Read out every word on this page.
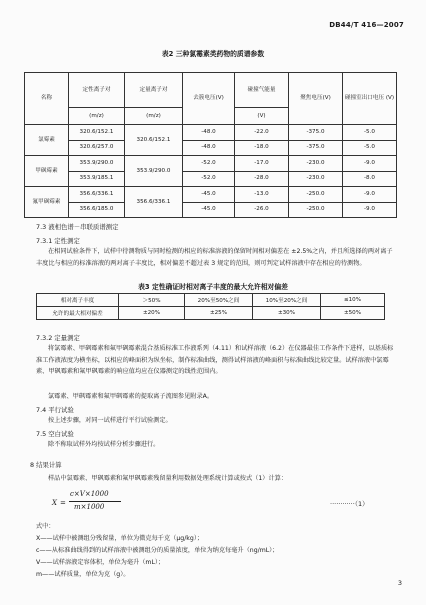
DB44/T 416—2007
表2 三种氯霉素类药物的质谱参数
名称	定性离子对	定量离子对	去簇电压(V)	碰撞气能量	聚焦电压(V)	碰撞室出口电压 (V)
	(m/z)	(m/z)		(V)		
氯霉素	320.6/152.1	320.6/152.1	-48.0	-22.0	-375.0	-5.0
	320.6/257.0		-48.0	-18.0	-375.0	-5.0
甲砜霉素	353.9/290.0	353.9/290.0	-52.0	-17.0	-230.0	-9.0
	353.9/185.1		-52.0	-28.0	-230.0	-8.0
氟甲砜霉素	356.6/336.1	356.6/336.1	-45.0	-13.0	-250.0	-9.0
	356.6/185.0		-45.0	-26.0	-250.0	-9.0
7.3 液相色谱－串联质谱测定
7.3.1 定性测定
在相同试验条件下，试样中待测物质与同时检测的相应的标准溶液的保留时间相对偏差在 ±2.5%之内，并且所选择的两对离子丰度比与相应的标准溶液的两对离子丰度比，相对偏差不超过表 3 规定的范围，则可判定试样溶液中存在相应的待测物。
表3 定性确证时相对离子丰度的最大允许相对偏差
相对离子丰度	＞50%	20%至50%之间	10%至20%之间	≤10%
允许的最大相对偏差	±20%	±25%	±30%	±50%
7.3.2 定量测定
将氯霉素、甲砜霉素和氟甲砜霉素混合基质标准工作液系列（4.11）和试样溶液（6.2）在仪器最佳工作条件下进样，以基质标准工作液浓度为横坐标，以相应的峰面积为纵坐标，制作标准曲线，测得试样溶液的峰面积与标准曲线比较定量。试样溶液中氯霉素、甲砜霉素和氟甲砜霉素的响应值均应在仪器测定的线性范围内。
氯霉素、甲砜霉素和氟甲砜霉素的提取离子流图参见附录A。
7.4 平行试验
按上述步骤，对同一试样进行平行试验测定。
7.5 空白试验
除不称取试样外均按试样分析步骤进行。
8 结果计算
样品中氯霉素、甲砜霉素和氟甲砜霉素残留量利用数据处理系统计算或按式（1）计算：
X =
c×V×1000
m×1000	············（1）
式中：
X——试样中被测组分残留量，单位为微克每千克（μg/kg）；
c——从标准曲线得到的试样溶液中被测组分的质量浓度，单位为纳克每毫升（ng/mL）；
V——试样溶液定容体积，单位为毫升（mL）；
m——试样质量，单位为克（g）。
3
